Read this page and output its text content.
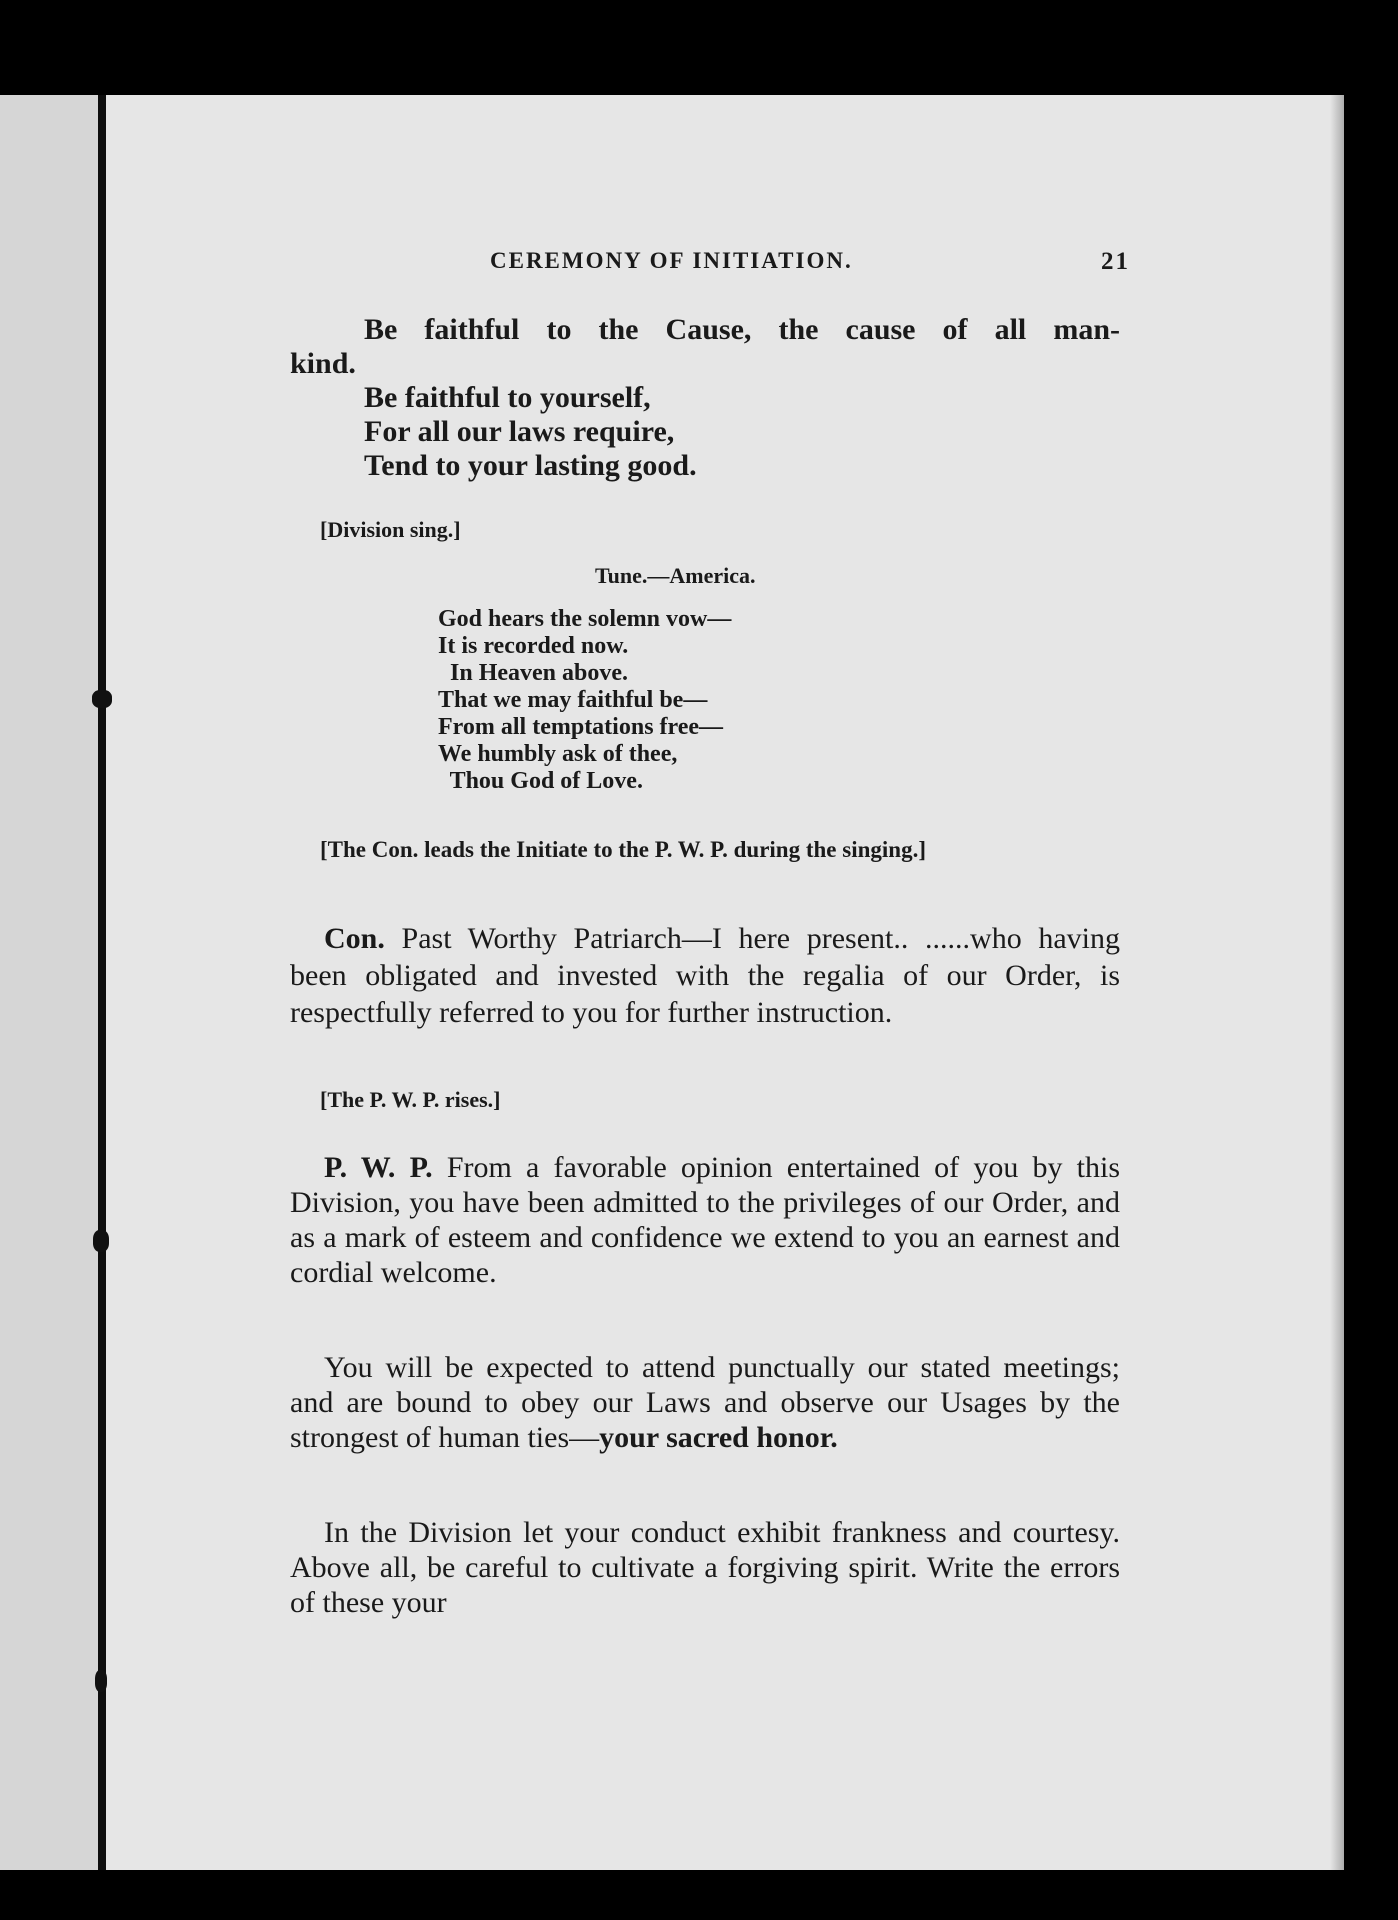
CEREMONY OF INITIATION.	21
Be faithful to the Cause, the cause of all man-
kind.
Be faithful to yourself,
For all our laws require,
Tend to your lasting good.
[Division sing.]
Tune.—America.
God hears the solemn vow—
It is recorded now.
In Heaven above.
That we may faithful be—
From all temptations free—
We humbly ask of thee,
Thou God of Love.
[The Con. leads the Initiate to the P. W. P. during the singing.]
Con. Past Worthy Patriarch—I here present.. ......who having been obligated and invested with the regalia of our Order, is respectfully referred to you for further instruction.
[The P. W. P. rises.]
P. W. P. From a favorable opinion entertained of you by this Division, you have been admitted to the privileges of our Order, and as a mark of esteem and confidence we extend to you an earnest and cordial welcome.
You will be expected to attend punctually our stated meetings; and are bound to obey our Laws and observe our Usages by the strongest of human ties—your sacred honor.
In the Division let your conduct exhibit frankness and courtesy. Above all, be careful to cultivate a forgiving spirit. Write the errors of these your
